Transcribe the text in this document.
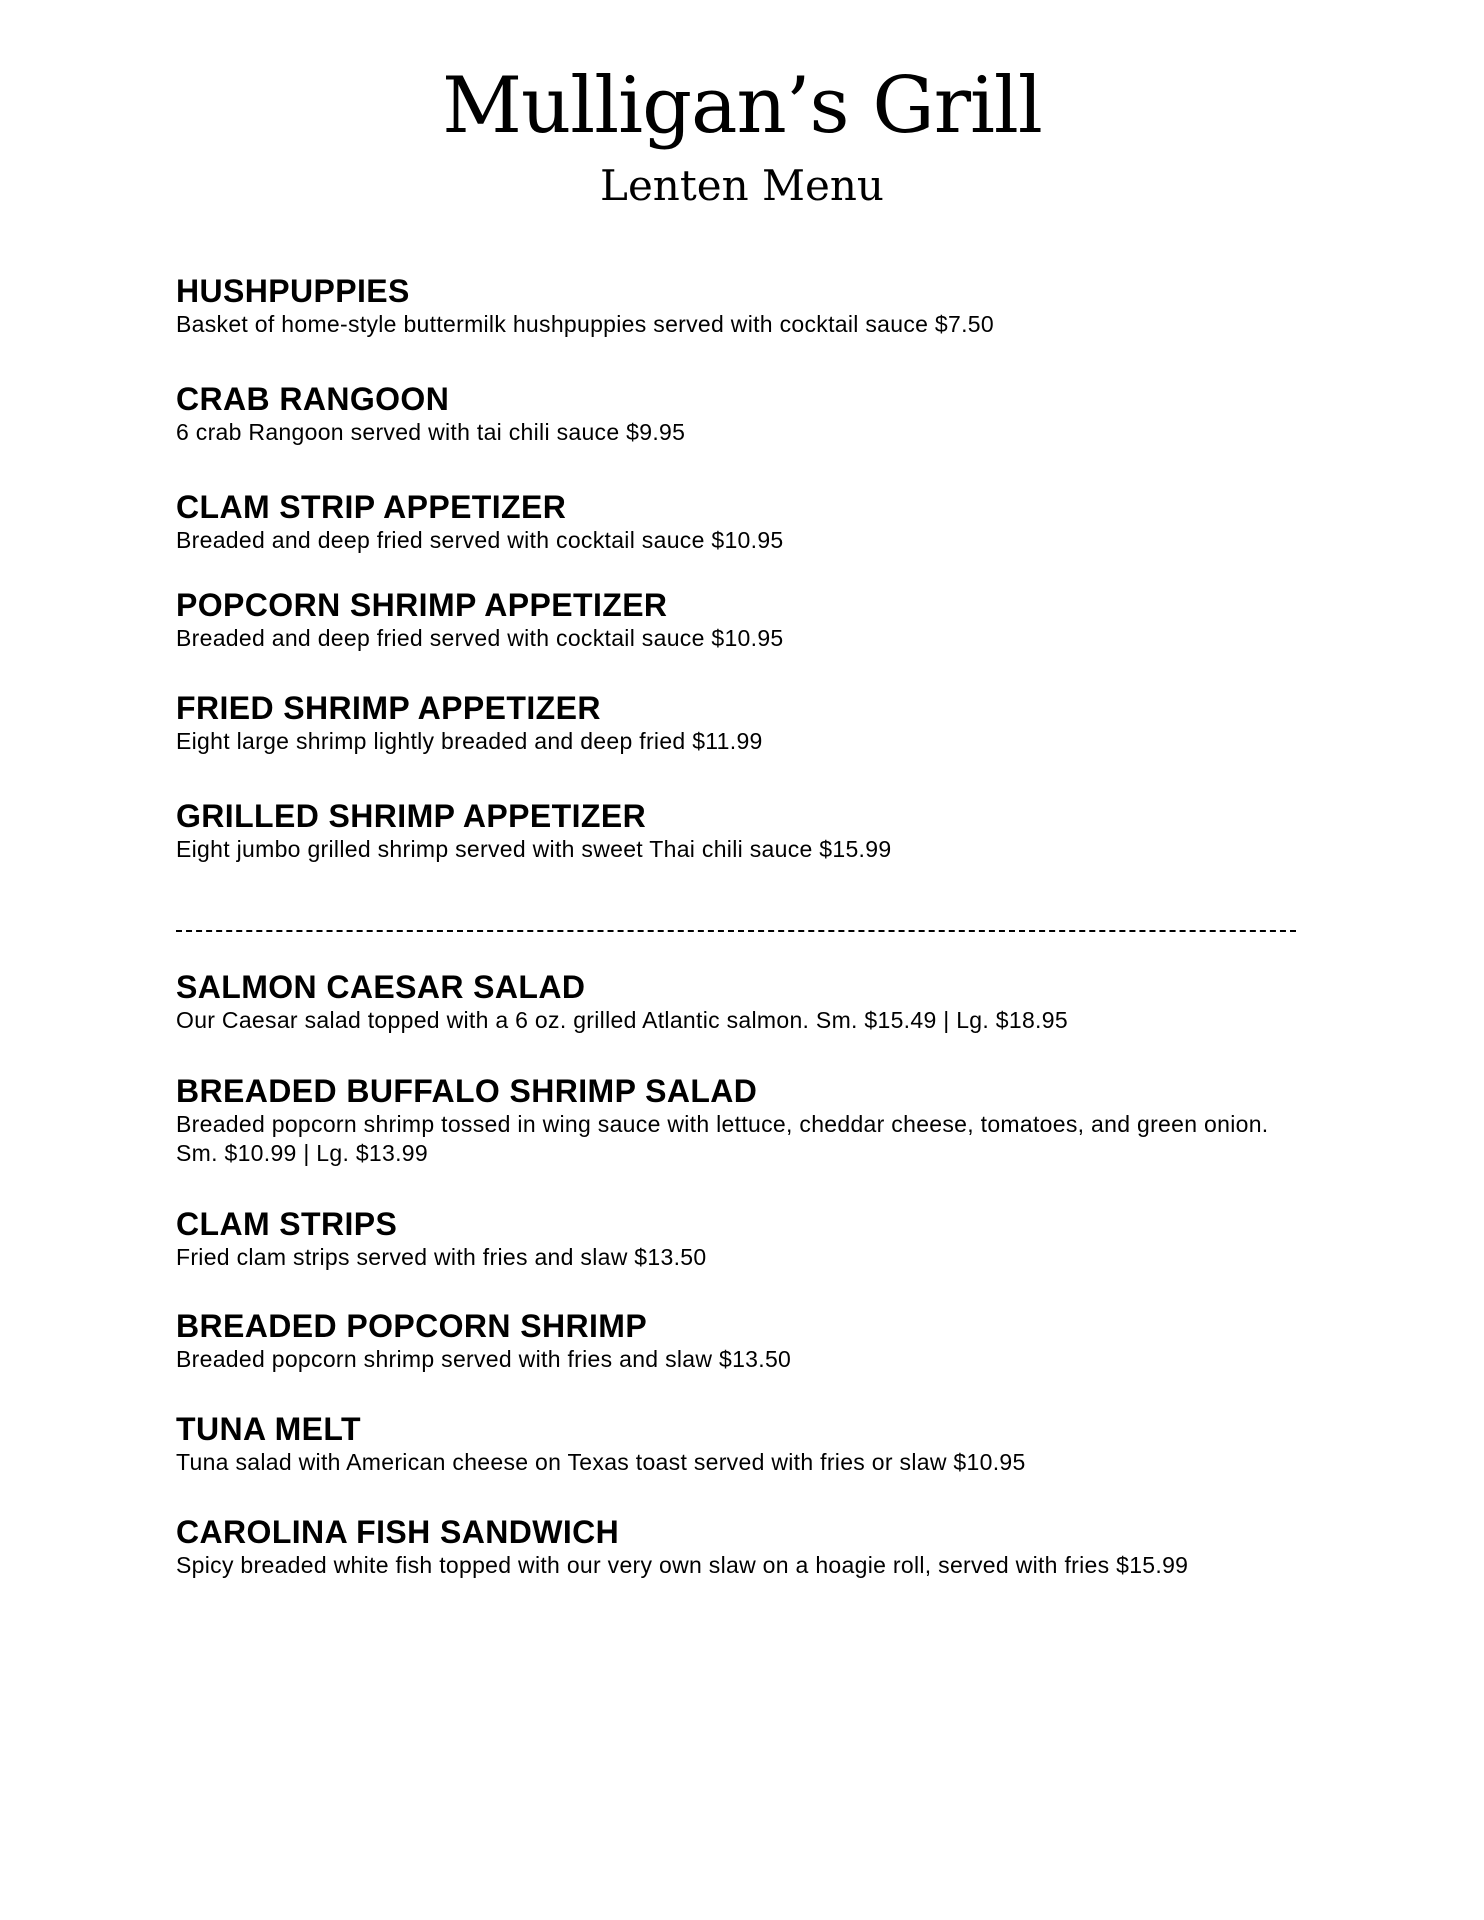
Mulligan’s Grill
Lenten Menu

HUSHPUPPIES

Basket of home-style buttermilk hushpuppies served with cocktail sauce $7.50

CRAB RANGOON

6 crab Rangoon served with tai chili sauce $9.95

CLAM STRIP APPETIZER

Breaded and deep fried served with cocktail sauce $10.95

POPCORN SHRIMP APPETIZER

Breaded and deep fried served with cocktail sauce $10.95

FRIED SHRIMP APPETIZER

Eight large shrimp lightly breaded and deep fried $11.99

GRILLED SHRIMP APPETIZER

Eight jumbo grilled shrimp served with sweet Thai chili sauce $15.99

SALMON CAESAR SALAD

Our Caesar salad topped with a 6 oz. grilled Atlantic salmon. Sm. $15.49 | Lg. $18.95

BREADED BUFFALO SHRIMP SALAD

Breaded popcorn shrimp tossed in wing sauce with lettuce, cheddar cheese, tomatoes, and green onion. Sm. $10.99 | Lg. $13.99

CLAM STRIPS

Fried clam strips served with fries and slaw $13.50

BREADED POPCORN SHRIMP

Breaded popcorn shrimp served with fries and slaw $13.50

TUNA MELT

Tuna salad with American cheese on Texas toast served with fries or slaw $10.95

CAROLINA FISH SANDWICH

Spicy breaded white fish topped with our very own slaw on a hoagie roll, served with fries $15.99
